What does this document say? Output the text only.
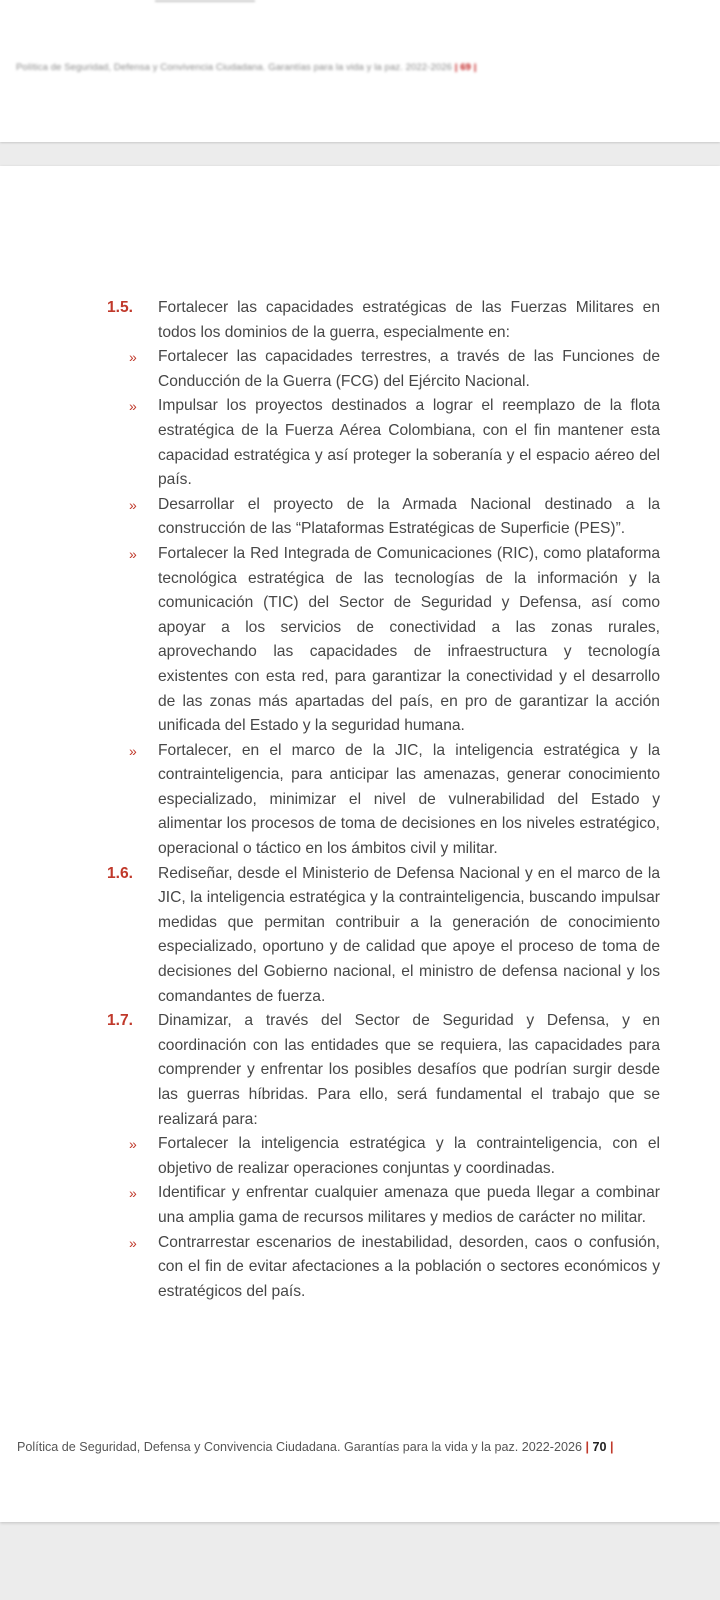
Política de Seguridad, Defensa y Convivencia Ciudadana. Garantías para la vida y la paz. 2022-2026 | 69 |
1.5. Fortalecer las capacidades estratégicas de las Fuerzas Militares en todos los dominios de la guerra, especialmente en:
» Fortalecer las capacidades terrestres, a través de las Funciones de Conducción de la Guerra (FCG) del Ejército Nacional.
» Impulsar los proyectos destinados a lograr el reemplazo de la flota estratégica de la Fuerza Aérea Colombiana, con el fin mantener esta capacidad estratégica y así proteger la soberanía y el espacio aéreo del país.
» Desarrollar el proyecto de la Armada Nacional destinado a la construcción de las “Plataformas Estratégicas de Superficie (PES)”.
» Fortalecer la Red Integrada de Comunicaciones (RIC), como plataforma tecnológica estratégica de las tecnologías de la información y la comunicación (TIC) del Sector de Seguridad y Defensa, así como apoyar a los servicios de conectividad a las zonas rurales, aprovechando las capacidades de infraestructura y tecnología existentes con esta red, para garantizar la conectividad y el desarrollo de las zonas más apartadas del país, en pro de garantizar la acción unificada del Estado y la seguridad humana.
» Fortalecer, en el marco de la JIC, la inteligencia estratégica y la contrainteligencia, para anticipar las amenazas, generar conocimiento especializado, minimizar el nivel de vulnerabilidad del Estado y alimentar los procesos de toma de decisiones en los niveles estratégico, operacional o táctico en los ámbitos civil y militar.
1.6. Rediseñar, desde el Ministerio de Defensa Nacional y en el marco de la JIC, la inteligencia estratégica y la contrainteligencia, buscando impulsar medidas que permitan contribuir a la generación de conocimiento especializado, oportuno y de calidad que apoye el proceso de toma de decisiones del Gobierno nacional, el ministro de defensa nacional y los comandantes de fuerza.
1.7. Dinamizar, a través del Sector de Seguridad y Defensa, y en coordinación con las entidades que se requiera, las capacidades para comprender y enfrentar los posibles desafíos que podrían surgir desde las guerras híbridas. Para ello, será fundamental el trabajo que se realizará para:
» Fortalecer la inteligencia estratégica y la contrainteligencia, con el objetivo de realizar operaciones conjuntas y coordinadas.
» Identificar y enfrentar cualquier amenaza que pueda llegar a combinar una amplia gama de recursos militares y medios de carácter no militar.
» Contrarrestar escenarios de inestabilidad, desorden, caos o confusión, con el fin de evitar afectaciones a la población o sectores económicos y estratégicos del país.
Política de Seguridad, Defensa y Convivencia Ciudadana. Garantías para la vida y la paz. 2022-2026 | 70 |
